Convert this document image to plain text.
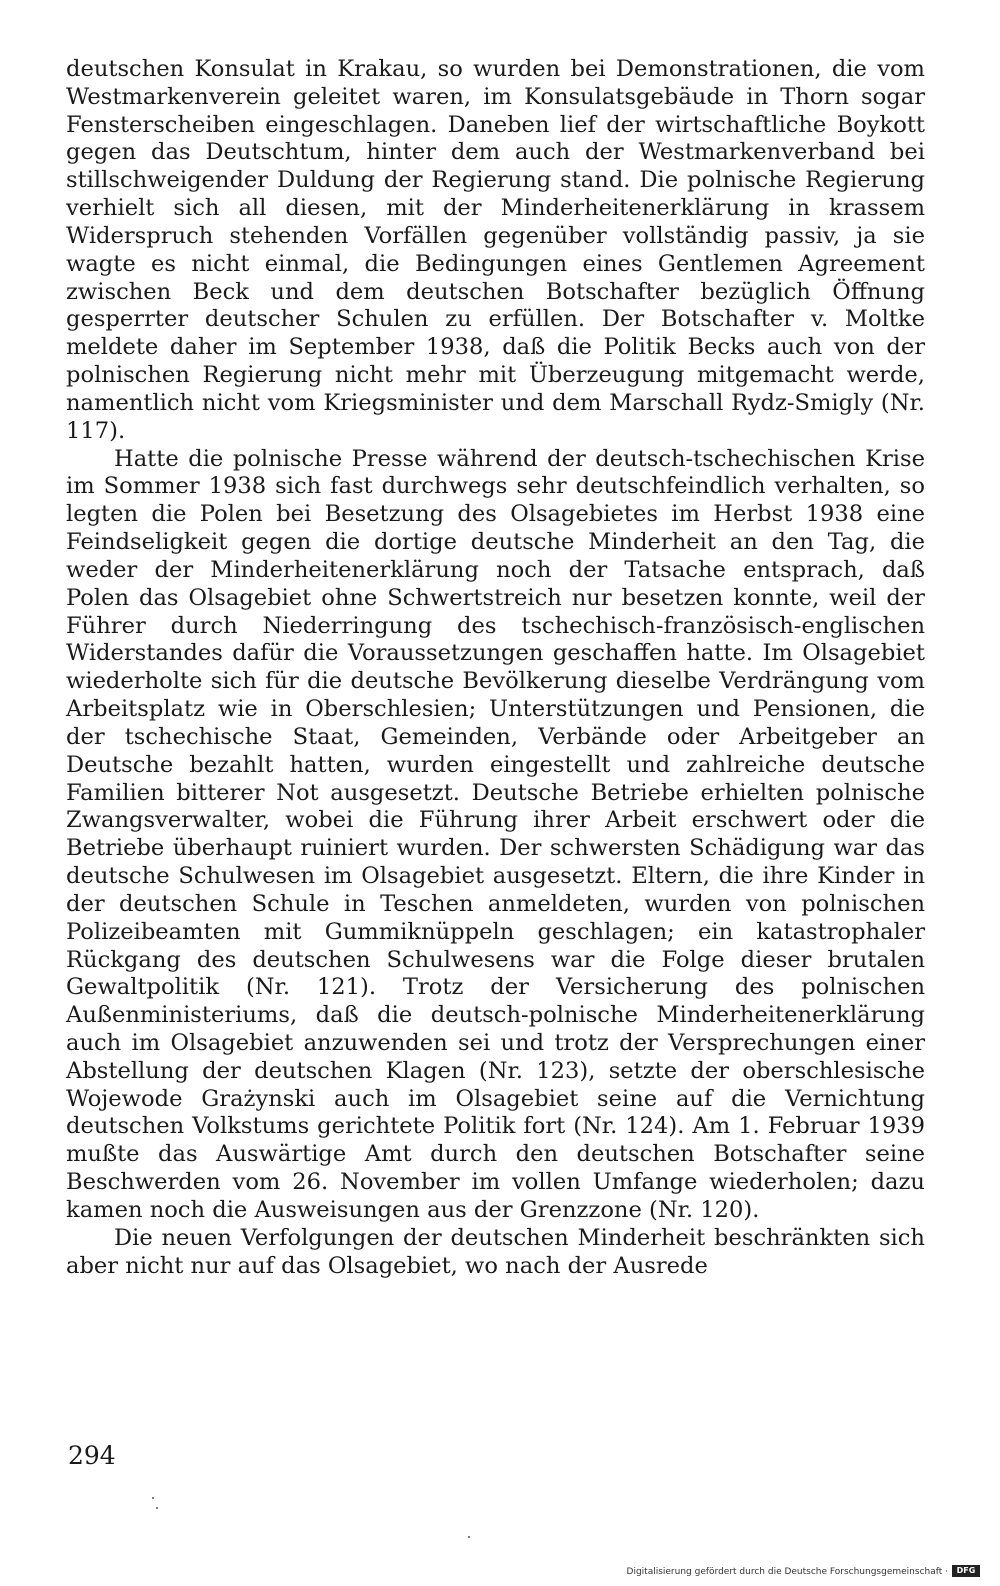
deutschen Konsulat in Krakau, so wurden bei Demonstrationen, die vom Westmarkenverein geleitet waren, im Konsulatsgebäude in Thorn sogar Fensterscheiben eingeschlagen. Daneben lief der wirtschaftliche Boykott gegen das Deutschtum, hinter dem auch der Westmarkenverband bei stillschweigender Duldung der Regierung stand. Die polnische Regierung verhielt sich all diesen, mit der Minderheitenerklärung in krassem Widerspruch stehenden Vorfällen gegenüber vollständig passiv, ja sie wagte es nicht einmal, die Bedingungen eines Gentlemen Agreement zwischen Beck und dem deutschen Botschafter bezüglich Öffnung gesperrter deutscher Schulen zu erfüllen. Der Botschafter v. Moltke meldete daher im September 1938, daß die Politik Becks auch von der polnischen Regierung nicht mehr mit Überzeugung mitgemacht werde, namentlich nicht vom Kriegsminister und dem Marschall Rydz-Smigly (Nr. 117).

Hatte die polnische Presse während der deutsch-tschechischen Krise im Sommer 1938 sich fast durchwegs sehr deutschfeindlich verhalten, so legten die Polen bei Besetzung des Olsagebietes im Herbst 1938 eine Feindseligkeit gegen die dortige deutsche Minderheit an den Tag, die weder der Minderheitenerklärung noch der Tatsache entsprach, daß Polen das Olsagebiet ohne Schwertstreich nur besetzen konnte, weil der Führer durch Niederringung des tschechisch-französisch-englischen Widerstandes dafür die Voraussetzungen geschaffen hatte. Im Olsagebiet wiederholte sich für die deutsche Bevölkerung dieselbe Verdrängung vom Arbeitsplatz wie in Oberschlesien; Unterstützungen und Pensionen, die der tschechische Staat, Gemeinden, Verbände oder Arbeitgeber an Deutsche bezahlt hatten, wurden eingestellt und zahlreiche deutsche Familien bitterer Not ausgesetzt. Deutsche Betriebe erhielten polnische Zwangsverwalter, wobei die Führung ihrer Arbeit erschwert oder die Betriebe überhaupt ruiniert wurden. Der schwersten Schädigung war das deutsche Schulwesen im Olsagebiet ausgesetzt. Eltern, die ihre Kinder in der deutschen Schule in Teschen anmeldeten, wurden von polnischen Polizeibeamten mit Gummiknüppeln geschlagen; ein katastrophaler Rückgang des deutschen Schulwesens war die Folge dieser brutalen Gewaltpolitik (Nr. 121). Trotz der Versicherung des polnischen Außenministeriums, daß die deutsch-polnische Minderheitenerklärung auch im Olsagebiet anzuwenden sei und trotz der Versprechungen einer Abstellung der deutschen Klagen (Nr. 123), setzte der oberschlesische Wojewode Grażynski auch im Olsagebiet seine auf die Vernichtung deutschen Volkstums gerichtete Politik fort (Nr. 124). Am 1. Februar 1939 mußte das Auswärtige Amt durch den deutschen Botschafter seine Beschwerden vom 26. November im vollen Umfange wiederholen; dazu kamen noch die Ausweisungen aus der Grenzzone (Nr. 120).

Die neuen Verfolgungen der deutschen Minderheit beschränkten sich aber nicht nur auf das Olsagebiet, wo nach der Ausrede

294
Digitalisierung gefördert durch die Deutsche Forschungsgemeinschaft ·	DFG
